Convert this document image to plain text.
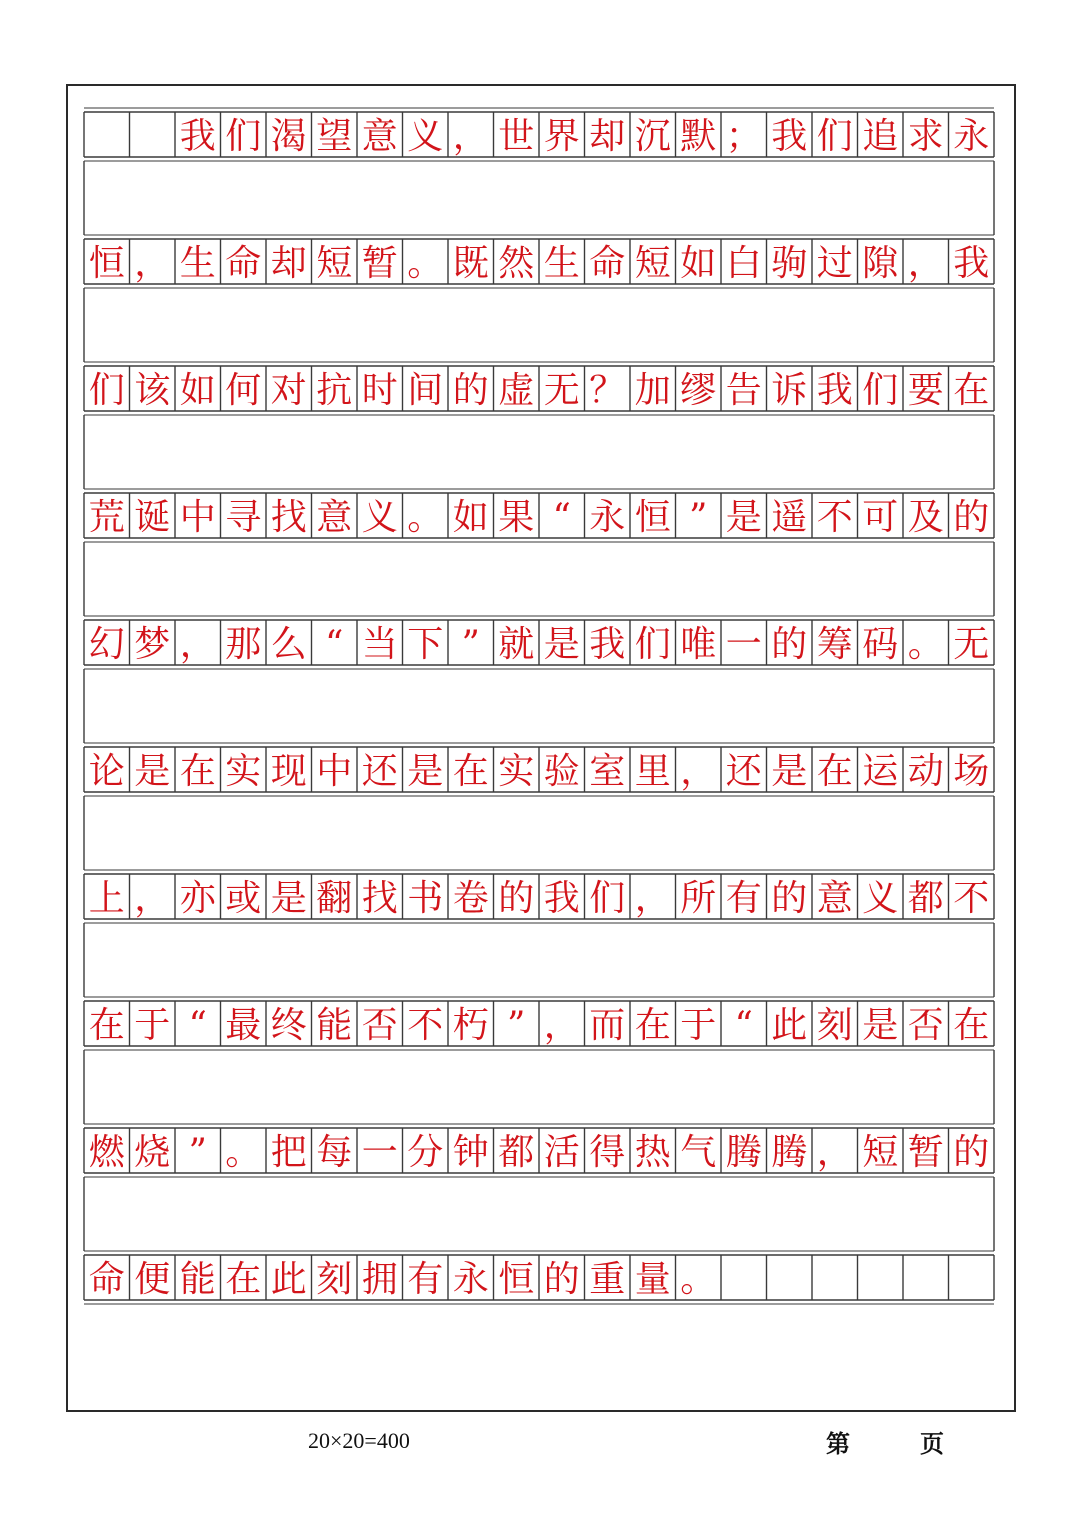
我 们 渴 望 意 义 ， 世 界 却 沉 默 ； 我 们 追 求 永
恒 ， 生 命 却 短 暂 。 既 然 生 命 短 如 白 驹 过 隙 ， 我
们 该 如 何 对 抗 时 间 的 虚 无 ？ 加 缪 告 诉 我 们 要 在
荒 诞 中 寻 找 意 义 。 如 果 “ 永 恒 ” 是 遥 不 可 及 的
幻 梦 ， 那 么 “ 当 下 ” 就 是 我 们 唯 一 的 筹 码 。 无
论 是 在 实 现 中 还 是 在 实 验 室 里 ， 还 是 在 运 动 场
上 ， 亦 或 是 翻 找 书 卷 的 我 们 ， 所 有 的 意 义 都 不
在 于 “ 最 终 能 否 不 朽 ” ， 而 在 于 “ 此 刻 是 否 在
燃 烧 ” 。 把 每 一 分 钟 都 活 得 热 气 腾 腾 ， 短 暂 的
命 便 能 在 此 刻 拥 有 永 恒 的 重 量 。
20×20=400	第	页
